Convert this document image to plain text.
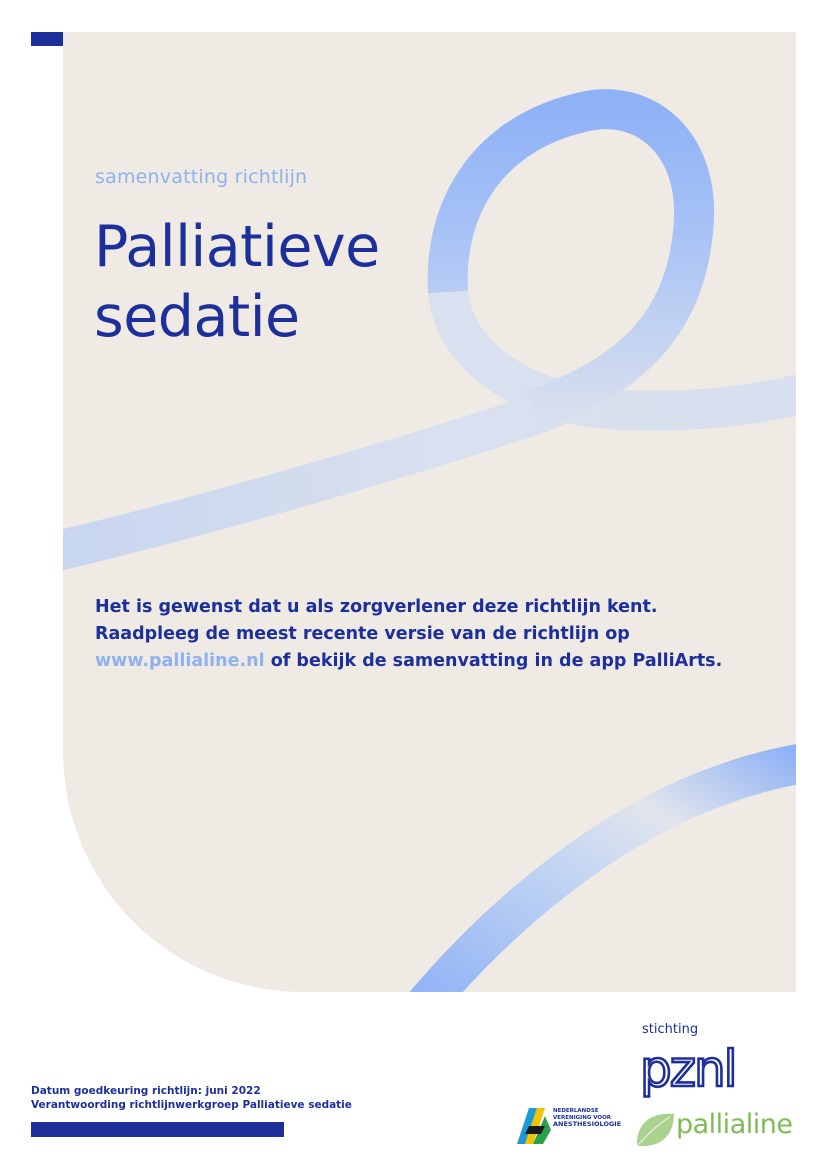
samenvatting richtlijn
Palliatieve
sedatie

Het is gewenst dat u als zorgverlener deze richtlijn kent.
Raadpleeg de meest recente versie van de richtlijn op
www.pallialine.nl of bekijk de samenvatting in de app PalliArts.

Datum goedkeuring richtlijn: juni 2022
Verantwoording richtlijnwerkgroep Palliatieve sedatie
stichting
pznl
NEDERLANDSE
VERENIGING VOOR
ANESTHESIOLOGIE pallialine
